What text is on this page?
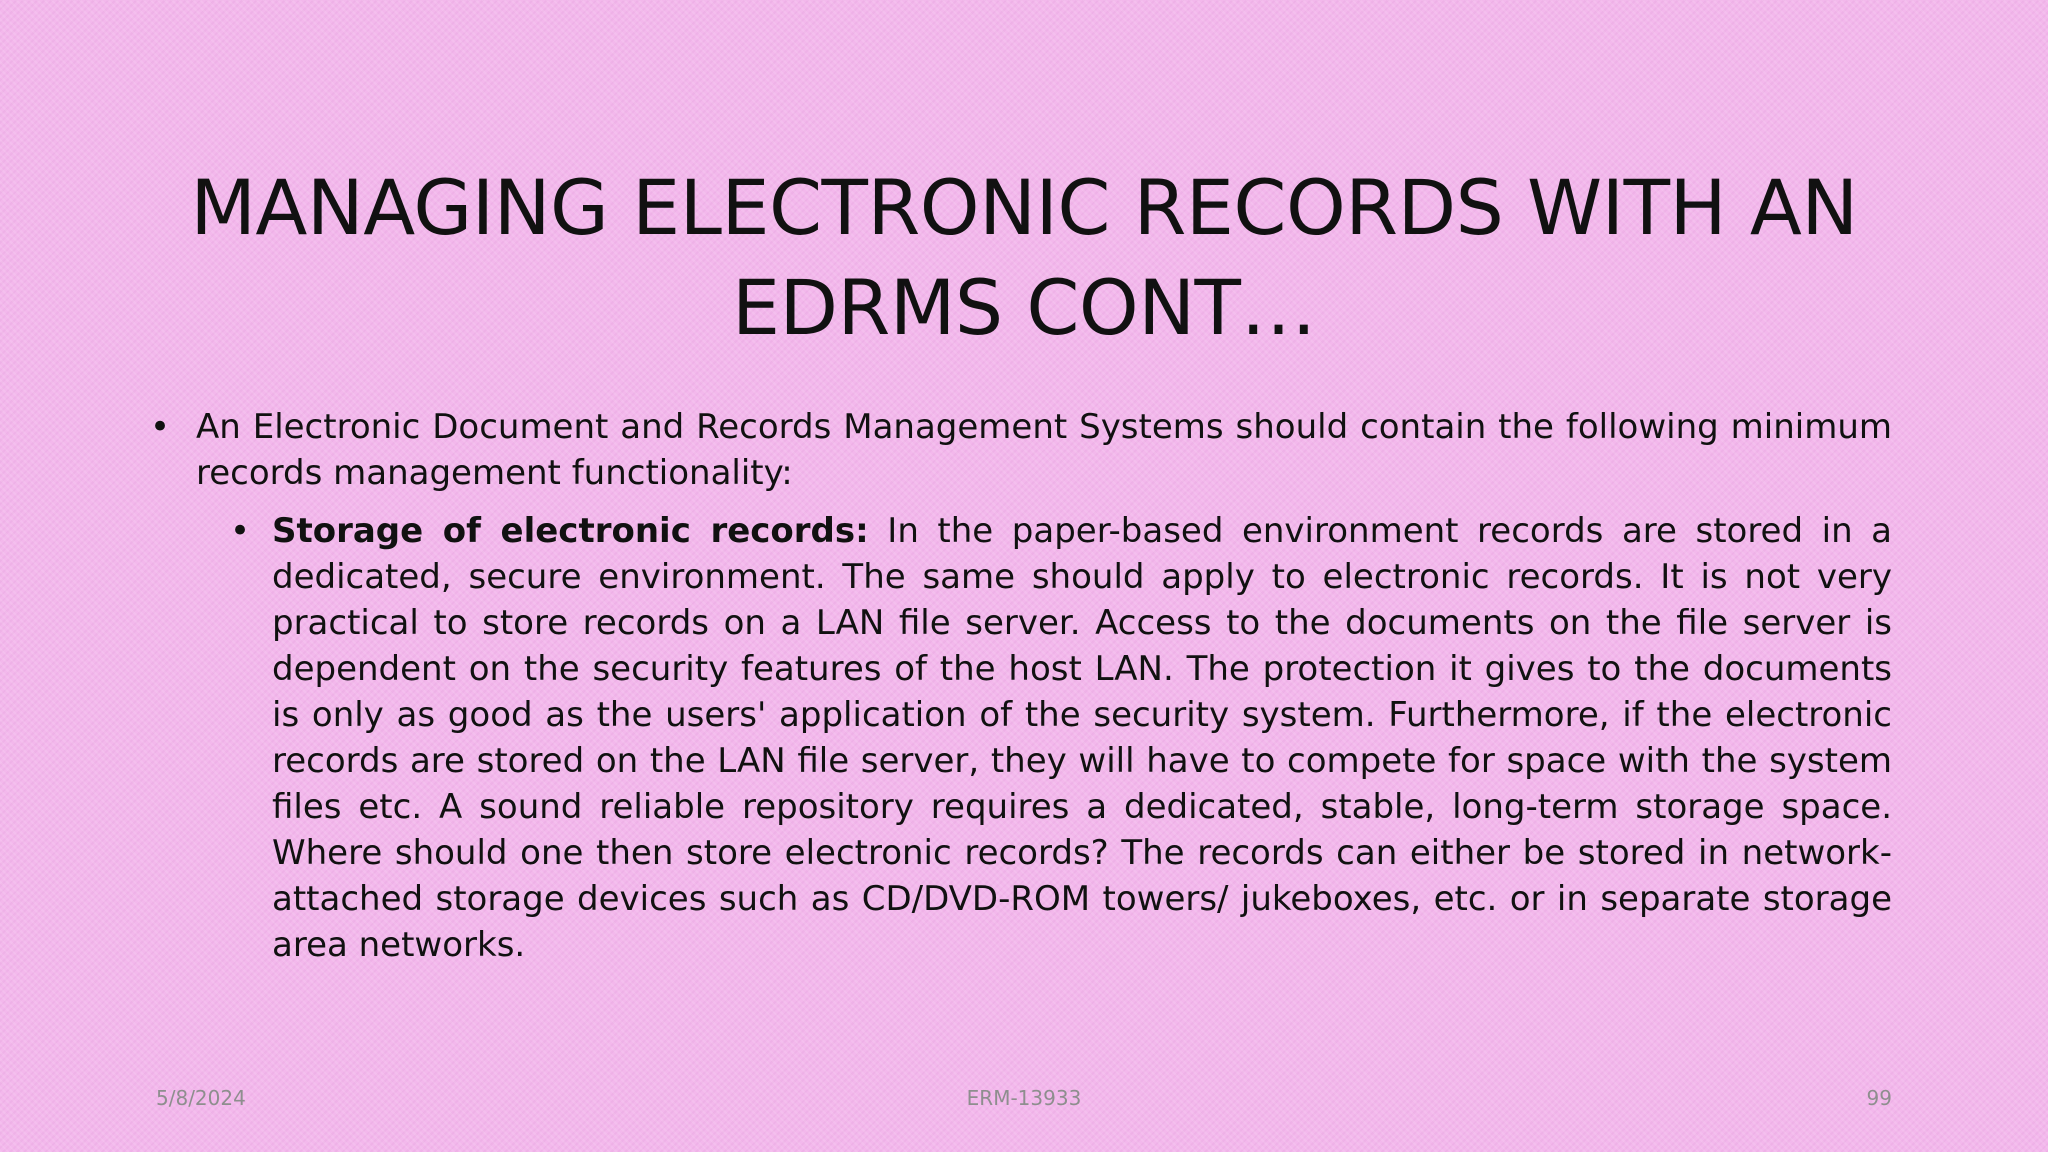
MANAGING ELECTRONIC RECORDS WITH AN EDRMS CONT…
• An Electronic Document and Records Management Systems should contain the following minimum records management functionality:
• Storage of electronic records: In the paper-based environment records are stored in a dedicated, secure environment. The same should apply to electronic records. It is not very practical to store records on a LAN file server. Access to the documents on the file server is dependent on the security features of the host LAN. The protection it gives to the documents is only as good as the users' application of the security system. Furthermore, if the electronic records are stored on the LAN file server, they will have to compete for space with the system files etc. A sound reliable repository requires a dedicated, stable, long-term storage space. Where should one then store electronic records? The records can either be stored in network-attached storage devices such as CD/DVD-ROM towers/ jukeboxes, etc. or in separate storage area networks.
5/8/2024	ERM-13933	99
